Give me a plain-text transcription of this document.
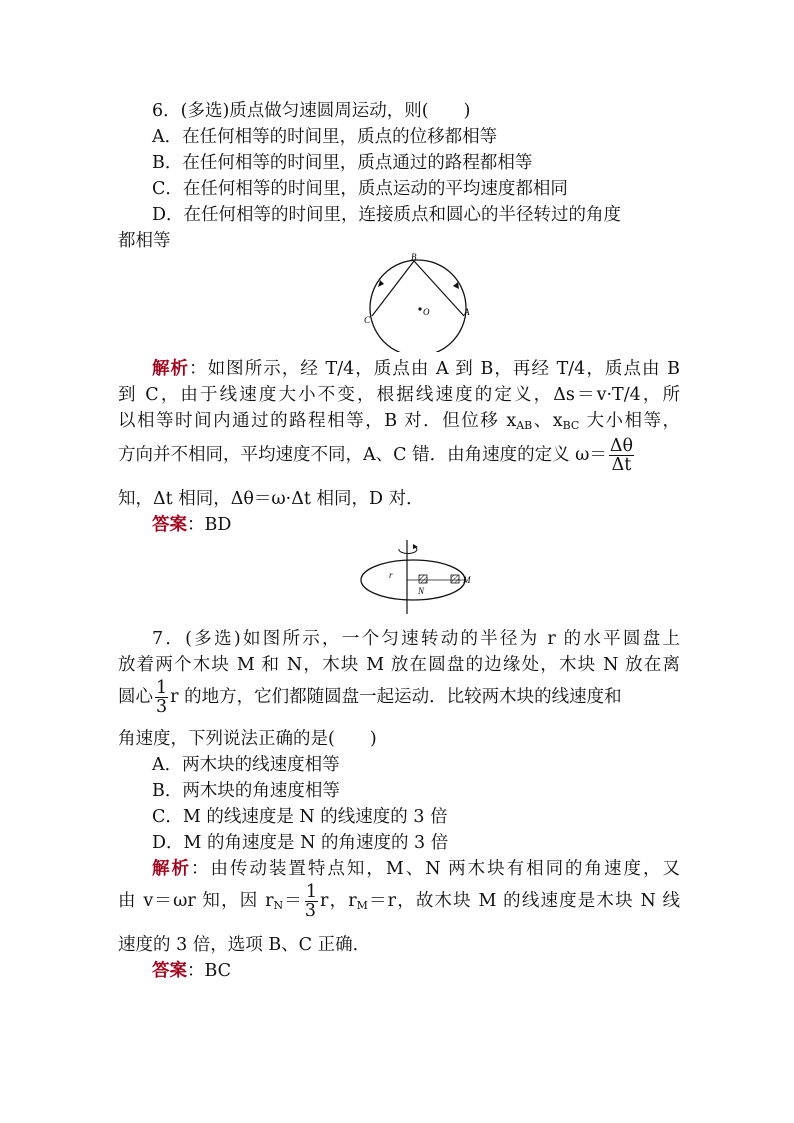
6．(多选)质点做匀速圆周运动，则(　　)
A．在任何相等的时间里，质点的位移都相等
B．在任何相等的时间里，质点通过的路程都相等
C．在任何相等的时间里，质点运动的平均速度都相同
D．在任何相等的时间里，连接质点和圆心的半径转过的角度
都相等
B
O	A
C
解析：如图所示，经 T/4，质点由 A 到 B，再经 T/4，质点由 B
到 C，由于线速度大小不变，根据线速度的定义，Δs＝v·T/4，所
以相等时间内通过的路程相等，B 对．但位移 $x_{AB}$、$x_{BC}$ 大小相等，
方向并不相同，平均速度不同，A、C 错．由角速度的定义 $\omega= \frac{\Delta\theta}{\Delta t}$
知，Δt 相同，Δθ＝ω·Δt 相同，D 对．
答案：BD
r
N
M
7．(多选)如图所示，一个匀速转动的半径为 r 的水平圆盘上
放着两个木块 M 和 N，木块 M 放在圆盘的边缘处，木块 N 放在离
圆心 $\frac{1}{3}$ r 的地方，它们都随圆盘一起运动．比较两木块的线速度和
角速度，下列说法正确的是(　　)
A．两木块的线速度相等
B．两木块的角速度相等
C．M 的线速度是 N 的线速度的 3 倍
D．M 的角速度是 N 的角速度的 3 倍
解析：由传动装置特点知，M、N 两木块有相同的角速度，又
由 v＝ωr 知，因 $r_N= \frac{1}{3}$ r，$r_M=r$，故木块 M 的线速度是木块 N 线
速度的 3 倍，选项 B、C 正确．
答案：BC
